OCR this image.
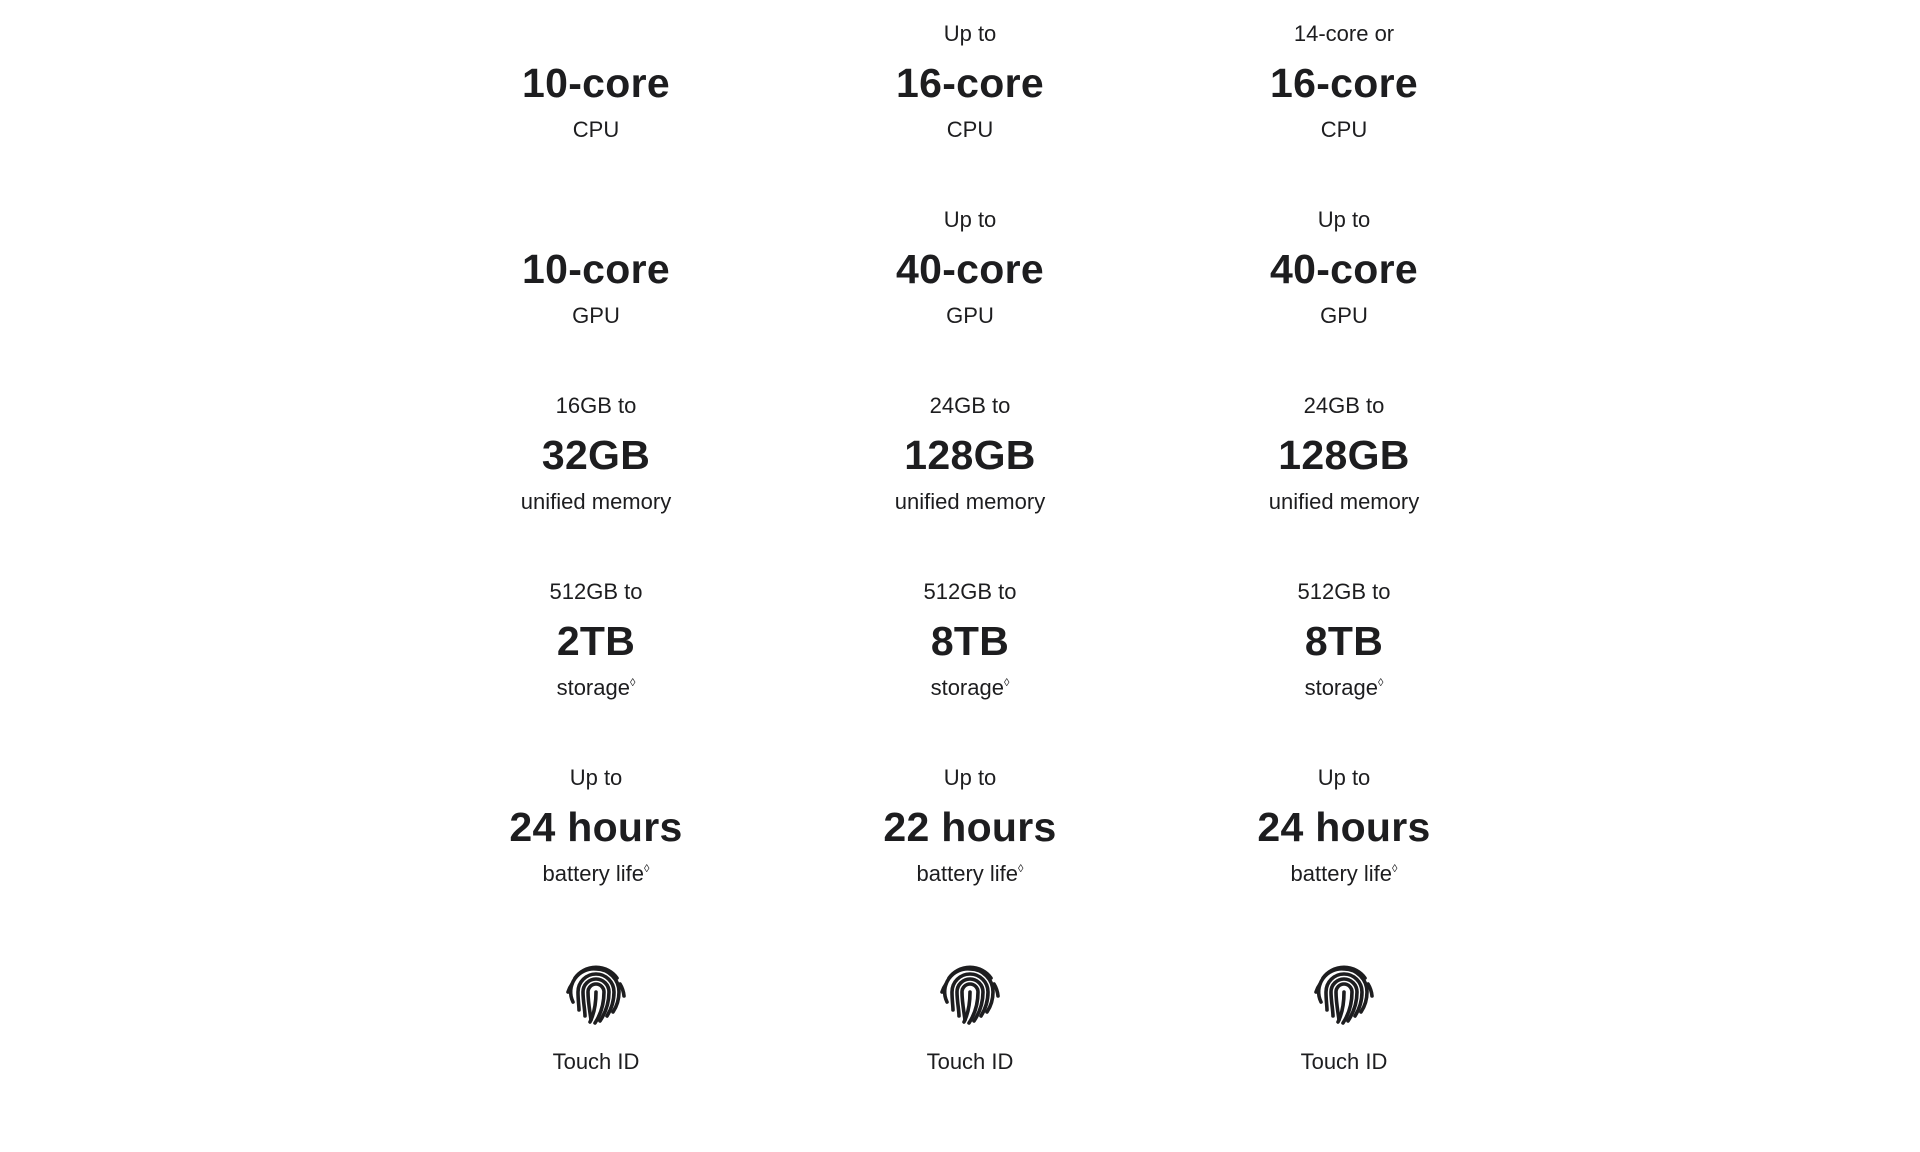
10-core
CPU
10-core
GPU
16GB to
32GB
unified memory
512GB to
2TB
storage◊
Up to
24 hours
battery life◊
Touch ID
Up to
16-core
CPU
Up to
40-core
GPU
24GB to
128GB
unified memory
512GB to
8TB
storage◊
Up to
22 hours
battery life◊
Touch ID
14-core or
16-core
CPU
Up to
40-core
GPU
24GB to
128GB
unified memory
512GB to
8TB
storage◊
Up to
24 hours
battery life◊
Touch ID
